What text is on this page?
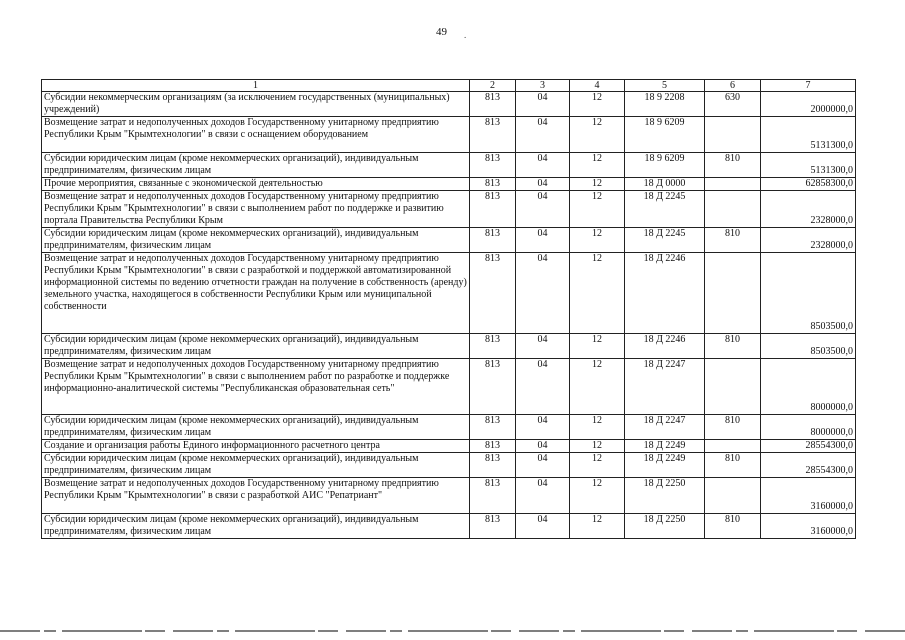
49 .
1	2	3	4	5	6	7
Субсидии некоммерческим организациям (за исключением государственных (муниципальных) учреждений)	813	04	12	18 9 2208	630	2000000,0
Возмещение затрат и недополученных доходов Государственному унитарному предприятию Республики Крым "Крымтехнологии" в связи с оснащением оборудованием	813	04	12	18 9 6209		5131300,0
Субсидии юридическим лицам (кроме некоммерческих организаций), индивидуальным предпринимателям, физическим лицам	813	04	12	18 9 6209	810	5131300,0
Прочие мероприятия, связанные с экономической деятельностью	813	04	12	18 Д 0000		62858300,0
Возмещение затрат и недополученных доходов Государственному унитарному предприятию Республики Крым "Крымтехнологии" в связи с выполнением работ по поддержке и развитию портала Правительства Республики Крым	813	04	12	18 Д 2245		2328000,0
Субсидии юридическим лицам (кроме некоммерческих организаций), индивидуальным предпринимателям, физическим лицам	813	04	12	18 Д 2245	810	2328000,0
Возмещение затрат и недополученных доходов Государственному унитарному предприятию Республики Крым "Крымтехнологии" в связи с разработкой и поддержкой автоматизированной информационной системы по ведению отчетности граждан на получение в собственность (аренду) земельного участка, находящегося в собственности Республики Крым или муниципальной собственности	813	04	12	18 Д 2246		8503500,0
Субсидии юридическим лицам (кроме некоммерческих организаций), индивидуальным предпринимателям, физическим лицам	813	04	12	18 Д 2246	810	8503500,0
Возмещение затрат и недополученных доходов Государственному унитарному предприятию Республики Крым "Крымтехнологии" в связи с выполнением работ по разработке и поддержке информационно-аналитической системы "Республиканская образовательная сеть"	813	04	12	18 Д 2247		8000000,0
Субсидии юридическим лицам (кроме некоммерческих организаций), индивидуальным предпринимателям, физическим лицам	813	04	12	18 Д 2247	810	8000000,0
Создание и организация работы Единого информационного расчетного центра	813	04	12	18 Д 2249		28554300,0
Субсидии юридическим лицам (кроме некоммерческих организаций), индивидуальным предпринимателям, физическим лицам	813	04	12	18 Д 2249	810	28554300,0
Возмещение затрат и недополученных доходов Государственному унитарному предприятию Республики Крым "Крымтехнологии" в связи с разработкой АИС "Репатриант"	813	04	12	18 Д 2250		3160000,0
Субсидии юридическим лицам (кроме некоммерческих организаций), индивидуальным предпринимателям, физическим лицам	813	04	12	18 Д 2250	810	3160000,0
